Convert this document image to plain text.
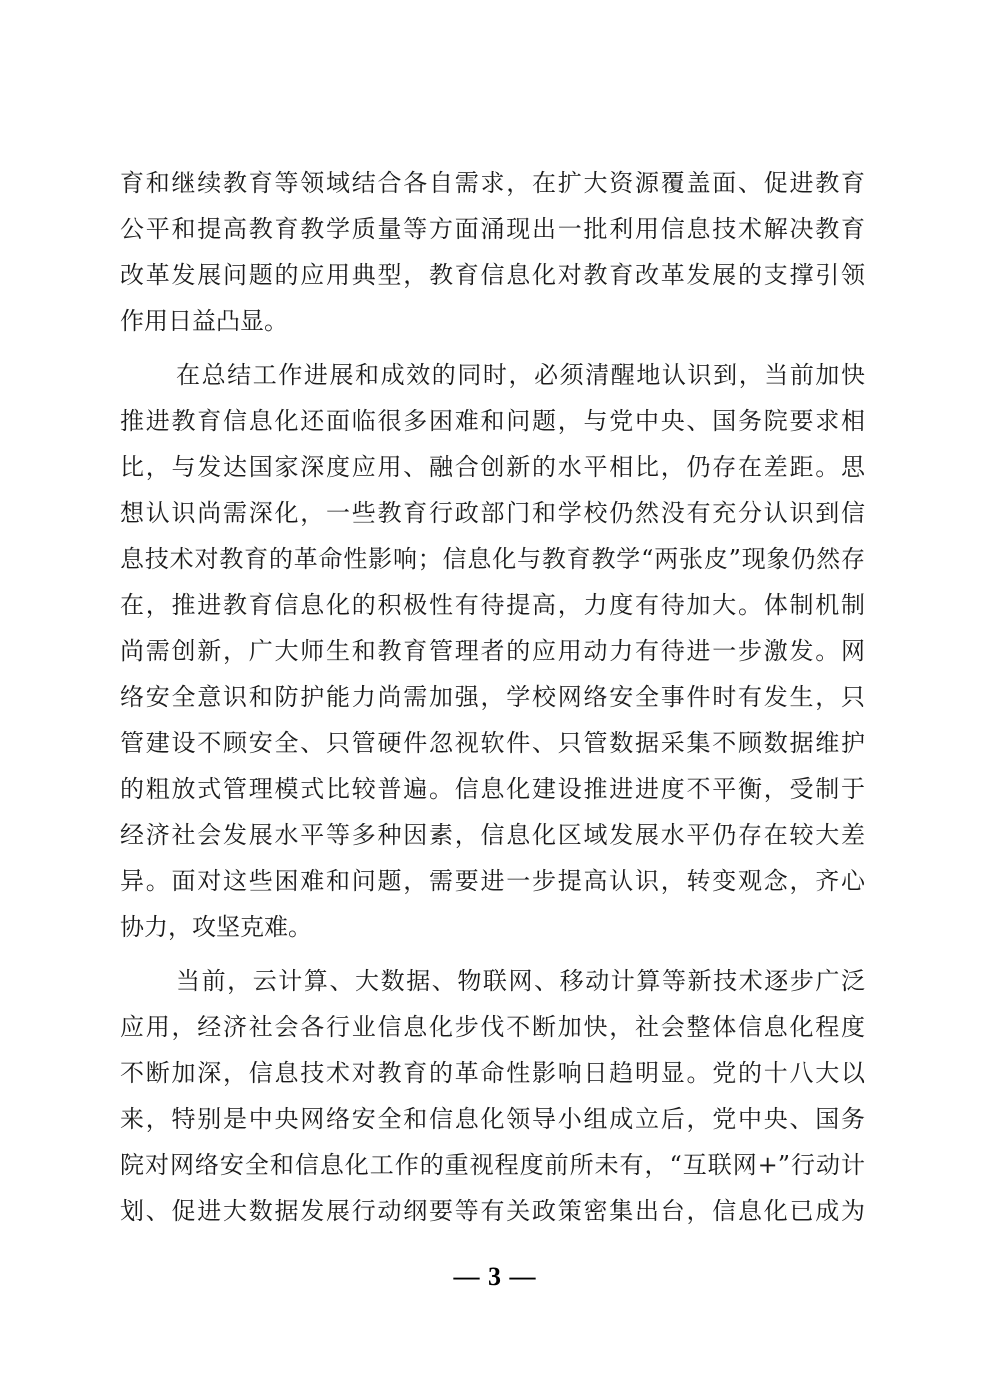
育和继续教育等领域结合各自需求，在扩大资源覆盖面、促进教育
公平和提高教育教学质量等方面涌现出一批利用信息技术解决教育
改革发展问题的应用典型，教育信息化对教育改革发展的支撑引领
作用日益凸显。
在总结工作进展和成效的同时，必须清醒地认识到，当前加快
推进教育信息化还面临很多困难和问题，与党中央、国务院要求相
比，与发达国家深度应用、融合创新的水平相比，仍存在差距。思
想认识尚需深化，一些教育行政部门和学校仍然没有充分认识到信
息技术对教育的革命性影响；信息化与教育教学“两张皮”现象仍然存
在，推进教育信息化的积极性有待提高，力度有待加大。体制机制
尚需创新，广大师生和教育管理者的应用动力有待进一步激发。网
络安全意识和防护能力尚需加强，学校网络安全事件时有发生，只
管建设不顾安全、只管硬件忽视软件、只管数据采集不顾数据维护
的粗放式管理模式比较普遍。信息化建设推进进度不平衡，受制于
经济社会发展水平等多种因素，信息化区域发展水平仍存在较大差
异。面对这些困难和问题，需要进一步提高认识，转变观念，齐心
协力，攻坚克难。
当前，云计算、大数据、物联网、移动计算等新技术逐步广泛
应用，经济社会各行业信息化步伐不断加快，社会整体信息化程度
不断加深，信息技术对教育的革命性影响日趋明显。党的十八大以
来，特别是中央网络安全和信息化领导小组成立后，党中央、国务
院对网络安全和信息化工作的重视程度前所未有，“互联网+”行动计
划、促进大数据发展行动纲要等有关政策密集出台，信息化已成为
— 3 —
